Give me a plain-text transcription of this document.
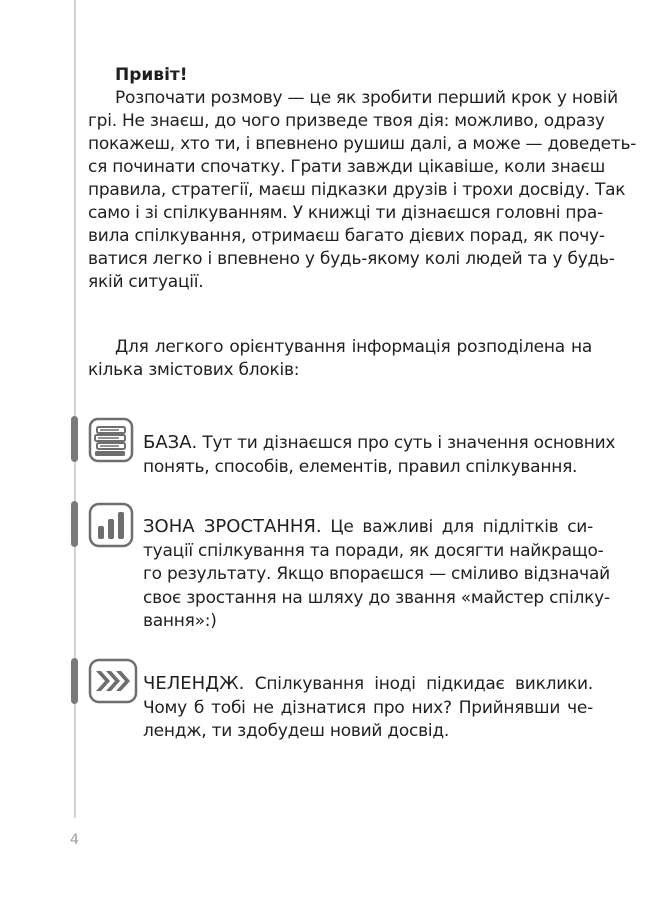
Привіт!
Розпочати розмову — це як зробити перший крок у новій
грі. Не знаєш, до чого призведе твоя дія: можливо, одразу
покажеш, хто ти, і впевнено рушиш далі, а може — доведеть-
ся починати спочатку. Грати завжди цікавіше, коли знаєш
правила, стратегії, маєш підказки друзів і трохи досвіду. Так
само і зі спілкуванням. У книжці ти дізнаєшся головні пра-
вила спілкування, отримаєш багато дієвих порад, як почу-
ватися легко і впевнено у будь-якому колі людей та у будь-
якій ситуації.
Для легкого орієнтування інформація розподілена на
кілька змістових блоків:
БАЗА. Тут ти дізнаєшся про суть і значення основних
понять, способів, елементів, правил спілкування.
ЗОНА ЗРОСТАННЯ. Це важливі для підлітків си-
туації спілкування та поради, як досягти найкращо-
го результату. Якщо впораєшся — сміливо відзначай
своє зростання на шляху до звання «майстер спілку-
вання»:)
ЧЕЛЕНДЖ. Спілкування іноді підкидає виклики.
Чому б тобі не дізнатися про них? Прийнявши че-
лендж, ти здобудеш новий досвід.
4
